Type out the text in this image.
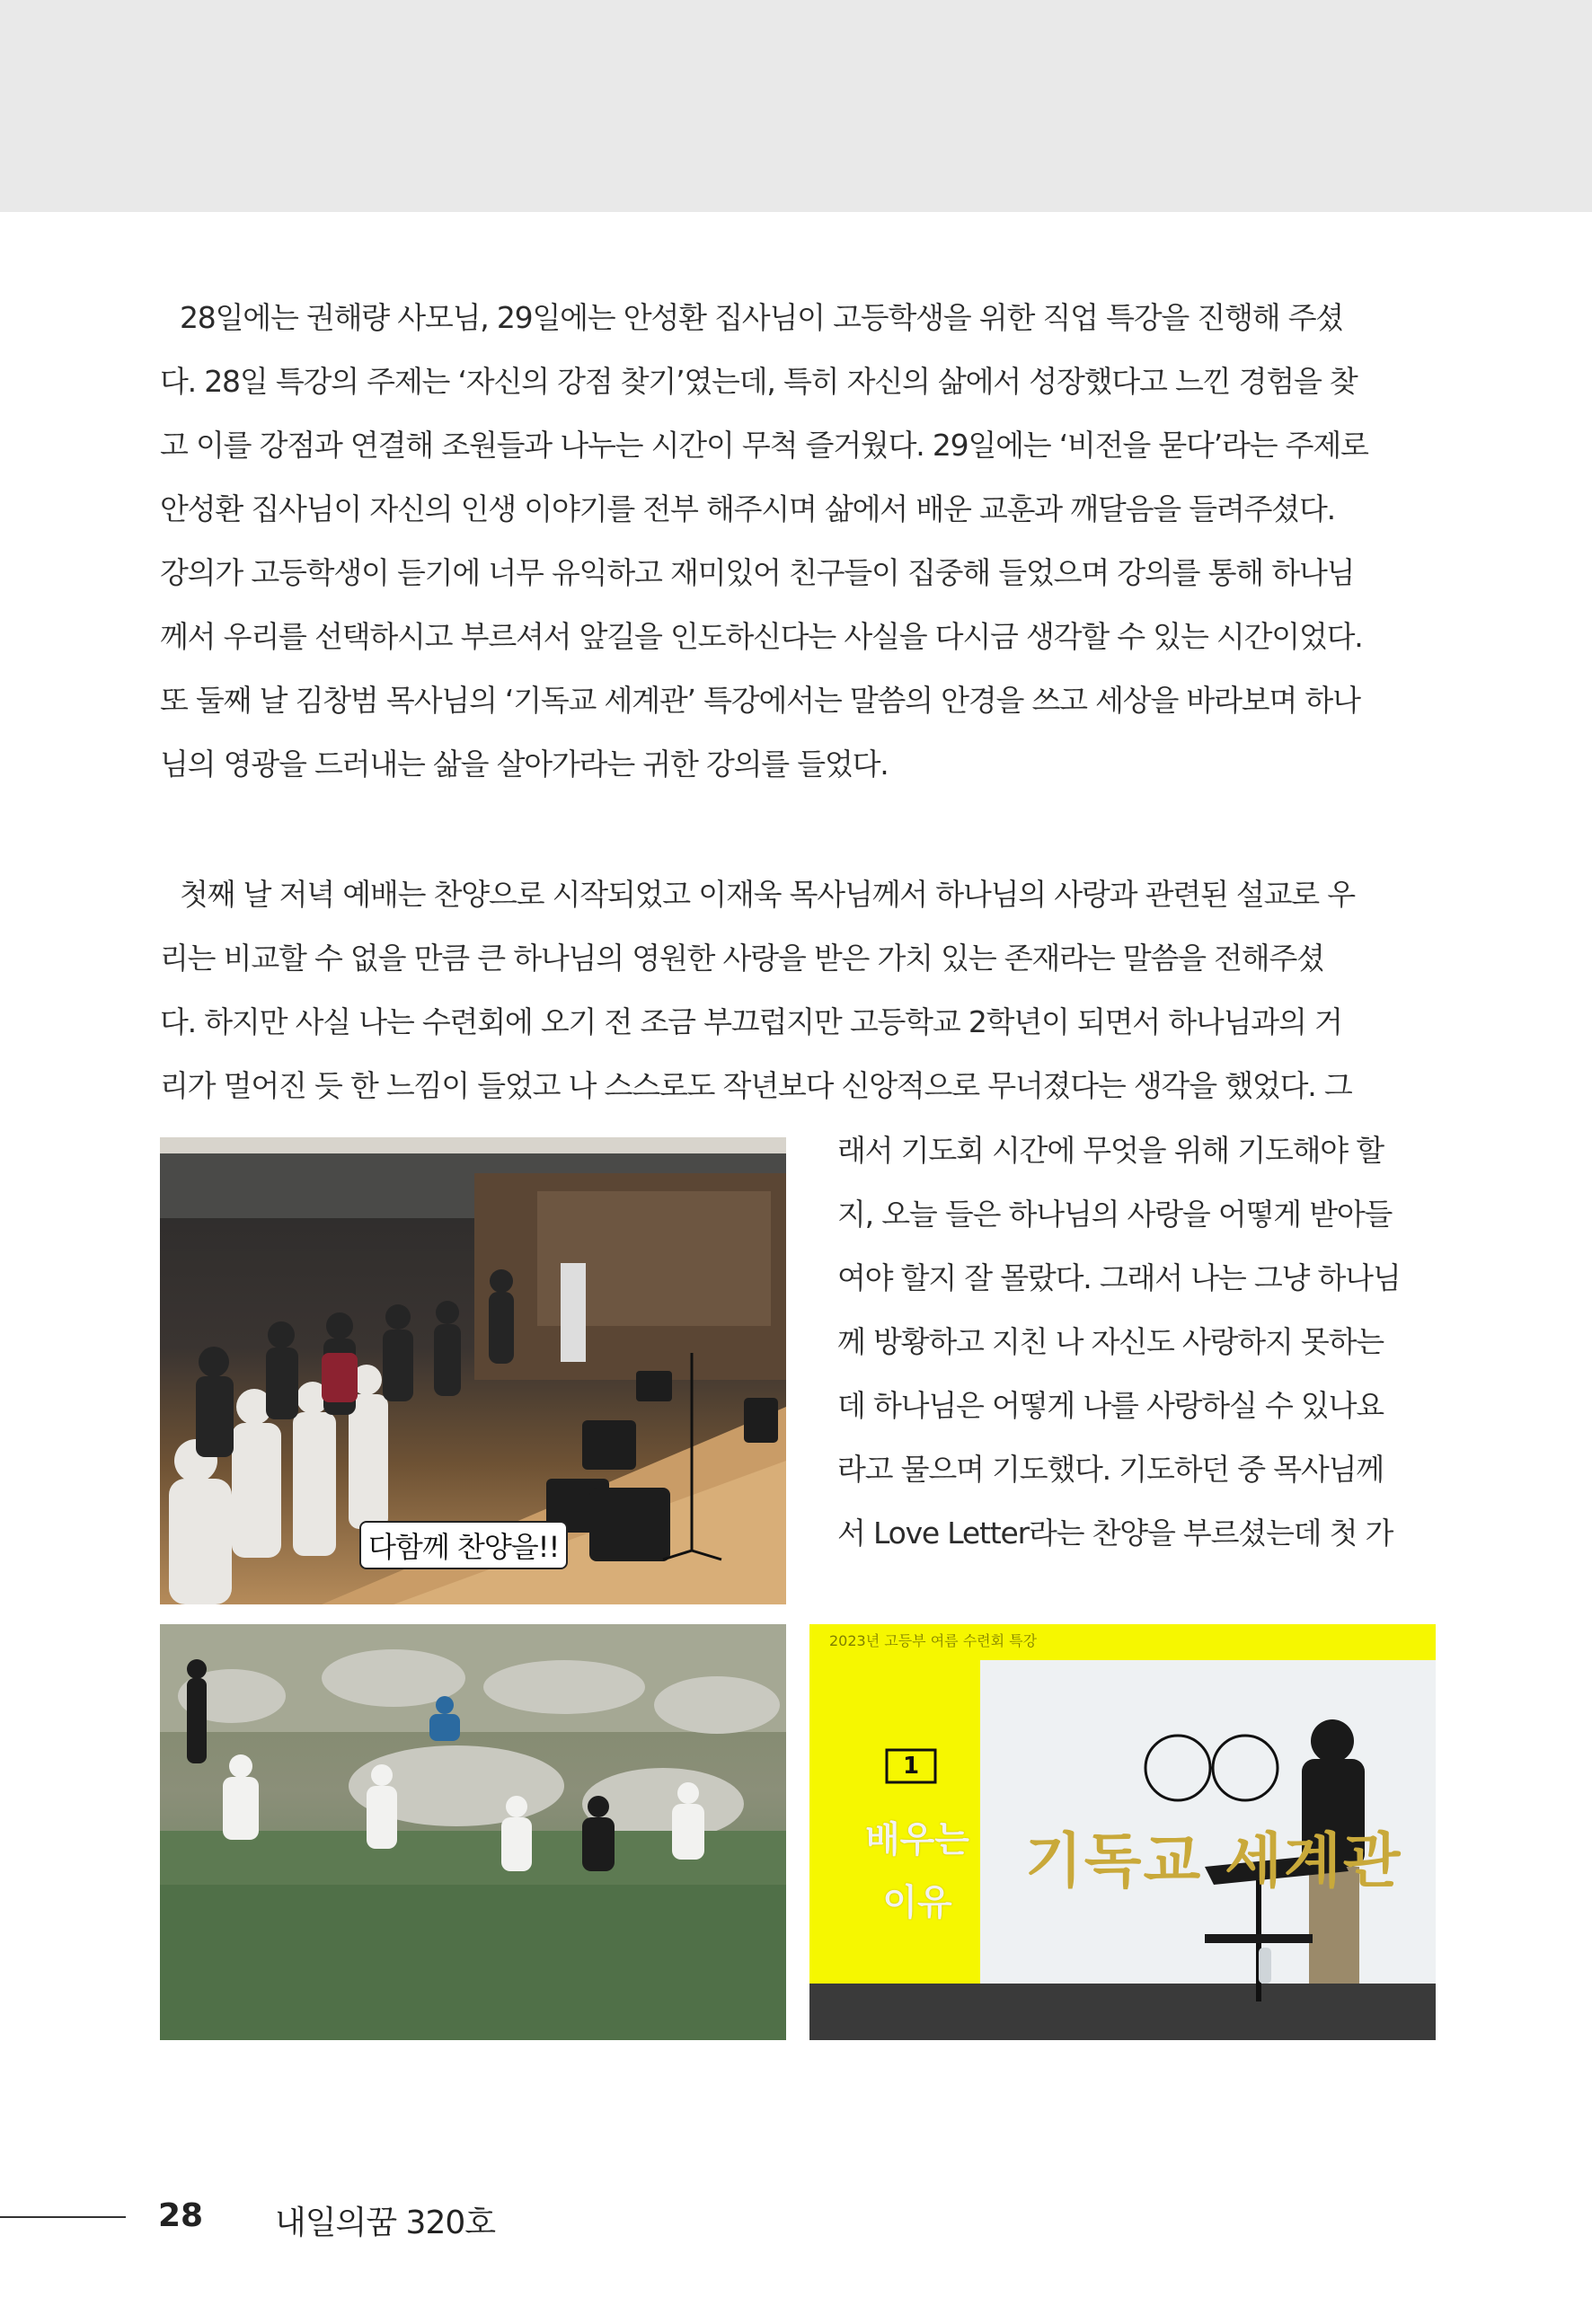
28일에는 권해량 사모님, 29일에는 안성환 집사님이 고등학생을 위한 직업 특강을 진행해 주셨
다. 28일 특강의 주제는 ‘자신의 강점 찾기’였는데, 특히 자신의 삶에서 성장했다고 느낀 경험을 찾
고 이를 강점과 연결해 조원들과 나누는 시간이 무척 즐거웠다. 29일에는 ‘비전을 묻다’라는 주제로
안성환 집사님이 자신의 인생 이야기를 전부 해주시며 삶에서 배운 교훈과 깨달음을 들려주셨다.
강의가 고등학생이 듣기에 너무 유익하고 재미있어 친구들이 집중해 들었으며 강의를 통해 하나님
께서 우리를 선택하시고 부르셔서 앞길을 인도하신다는 사실을 다시금 생각할 수 있는 시간이었다.
또 둘째 날 김창범 목사님의 ‘기독교 세계관’ 특강에서는 말씀의 안경을 쓰고 세상을 바라보며 하나
님의 영광을 드러내는 삶을 살아가라는 귀한 강의를 들었다.
첫째 날 저녁 예배는 찬양으로 시작되었고 이재욱 목사님께서 하나님의 사랑과 관련된 설교로 우
리는 비교할 수 없을 만큼 큰 하나님의 영원한 사랑을 받은 가치 있는 존재라는 말씀을 전해주셨
다. 하지만 사실 나는 수련회에 오기 전 조금 부끄럽지만 고등학교 2학년이 되면서 하나님과의 거
리가 멀어진 듯 한 느낌이 들었고 나 스스로도 작년보다 신앙적으로 무너졌다는 생각을 했었다. 그
래서 기도회 시간에 무엇을 위해 기도해야 할
지, 오늘 들은 하나님의 사랑을 어떻게 받아들
여야 할지 잘 몰랐다. 그래서 나는 그냥 하나님
께 방황하고 지친 나 자신도 사랑하지 못하는
데 하나님은 어떻게 나를 사랑하실 수 있나요
라고 물으며 기도했다. 기도하던 중 목사님께
서 Love Letter라는 찬양을 부르셨는데 첫 가
다함께 찬양을!!
2023년 고등부 여름 수련회 특강
1
배우는
이유
기독교 세계관
28 내일의꿈 320호
